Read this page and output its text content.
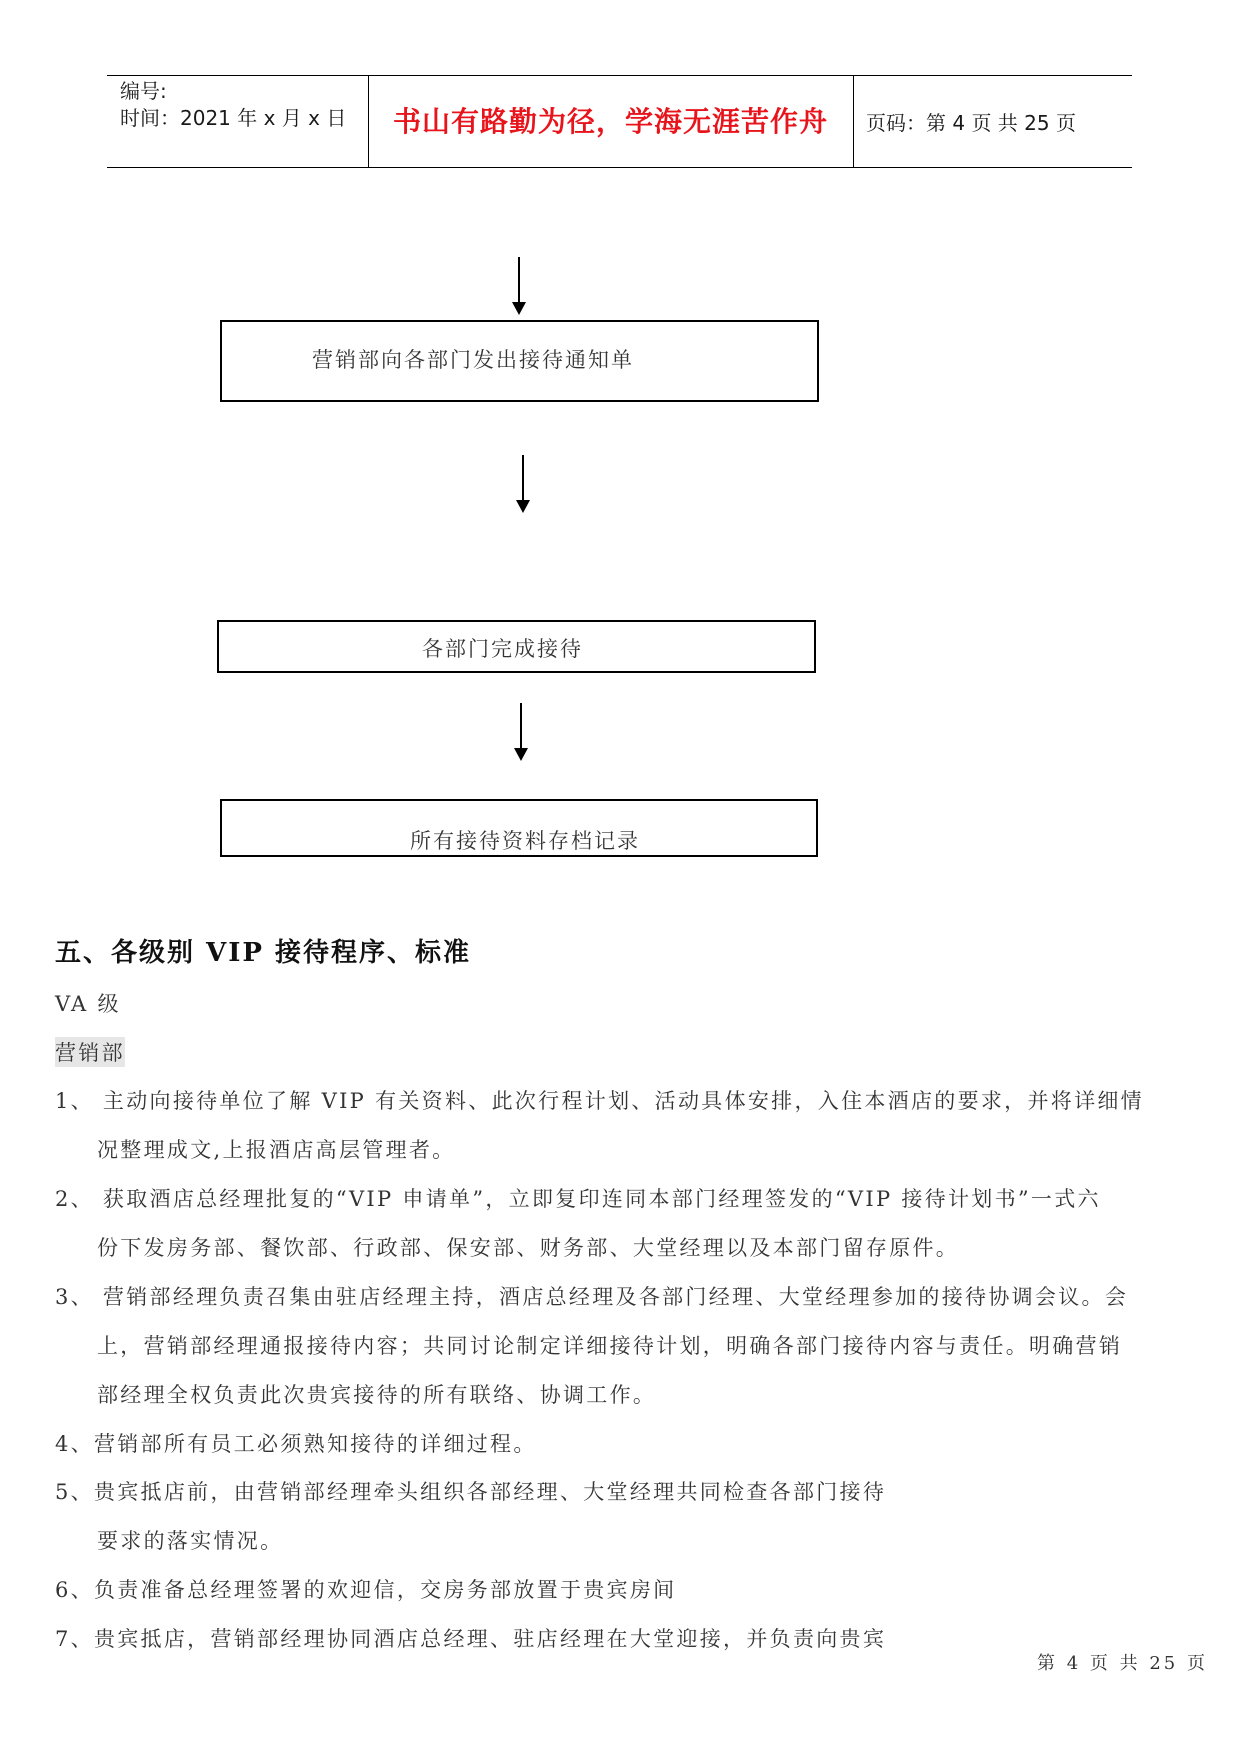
编号:
时间：2021 年 x 月 x 日	书山有路勤为径，学海无涯苦作舟	页码：第 4 页 共 25 页
营销部向各部门发出接待通知单
各部门完成接待
所有接待资料存档记录
五、各级别 VIP 接待程序、标准
VA 级
营销部
1、 主动向接待单位了解 VIP 有关资料、此次行程计划、活动具体安排，入住本酒店的要求，并将详细情
况整理成文,上报酒店高层管理者。
2、 获取酒店总经理批复的“VIP 申请单”，立即复印连同本部门经理签发的“VIP 接待计划书”一式六
份下发房务部、餐饮部、行政部、保安部、财务部、大堂经理以及本部门留存原件。
3、 营销部经理负责召集由驻店经理主持，酒店总经理及各部门经理、大堂经理参加的接待协调会议。会
上，营销部经理通报接待内容；共同讨论制定详细接待计划，明确各部门接待内容与责任。明确营销
部经理全权负责此次贵宾接待的所有联络、协调工作。
4、营销部所有员工必须熟知接待的详细过程。
5、贵宾抵店前，由营销部经理牵头组织各部经理、大堂经理共同检查各部门接待
要求的落实情况。
6、负责准备总经理签署的欢迎信，交房务部放置于贵宾房间
7、贵宾抵店，营销部经理协同酒店总经理、驻店经理在大堂迎接，并负责向贵宾
第 4 页 共 25 页
